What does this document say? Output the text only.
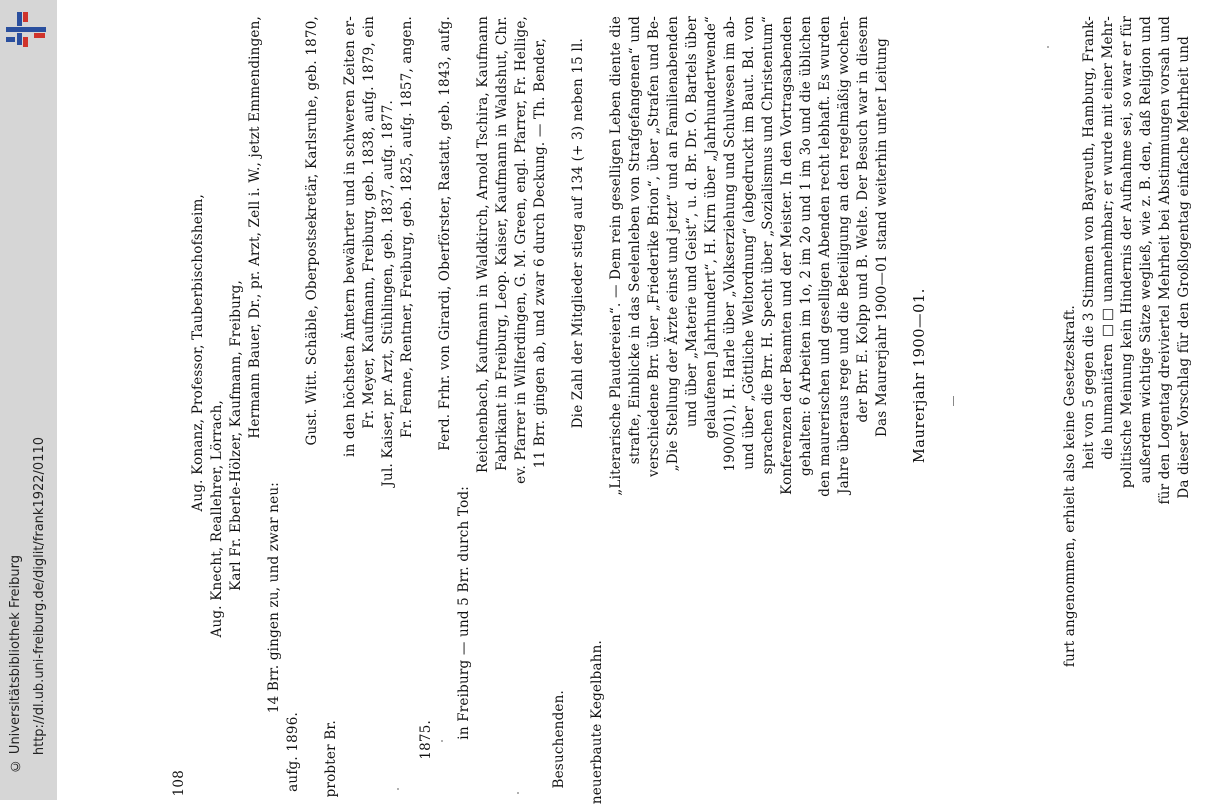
http://dl.ub.uni-freiburg.de/diglit/frank1922/0110
© Universitätsbibliothek Freiburg
Da dieser Vorschlag für den Großlogentag einfache Mehrheit und
für den Logentag dreiviertel Mehrheit bei Abstimmungen vorsah und
außerdem wichtige Sätze wegließ, wie z. B. den, daß Religion und
politische Meinung kein Hindernis der Aufnahme sei, so war er für
die humanitären □□ unannehmbar; er wurde mit einer Mehr-
heit von 5 gegen die 3 Stimmen von Bayreuth, Hamburg, Frank-
furt angenommen, erhielt also keine Gesetzeskraft.
Maurerjahr 1900—01.
Das Maurerjahr 1900—01 stand weiterhin unter Leitung
der Brr. E. Kolpp und B. Welte. Der Besuch war in diesem
Jahre überaus rege und die Beteiligung an den regelmäßig wochen-
den maurerischen und geselligen Abenden recht lebhaft. Es wurden
gehalten: 6 Arbeiten im 1o, 2 im 2o und 1 im 3o und die üblichen
Konferenzen der Beamten und der Meister. In den Vortragsabenden
sprachen die Brr. H. Specht über „Sozialismus und Christentum“
und über „Göttliche Weltordnung“ (abgedruckt im Baut. Bd. von
1900/01), H. Harle über „Volkserziehung und Schulwesen im ab-
gelaufenen Jahrhundert“, H. Kirn über „Jahrhundertwende“
und über „Materie und Geist“, u. d. Br. Dr. O. Bartels über
„Die Stellung der Ärzte einst und jetzt“ und an Familienabenden
verschiedene Brr. über „Friederike Brion“, über „Strafen und Be-
strafte, Einblicke in das Seelenleben von Strafgefangenen“ und
„Literarische Plaudereien“. — Dem rein geselligen Leben diente die
neuerbaute Kegelbahn.
Die Zahl der Mitglieder stieg auf 134 (+ 3) neben 15 ll.
Besuchenden.
11 Brr. gingen ab, und zwar 6 durch Deckung. — Th. Bender,
ev. Pfarrer in Wilferdingen, G. M. Green, engl. Pfarrer, Fr. Hellige,
Fabrikant in Freiburg, Leop. Kaiser, Kaufmann in Waldshut, Chr.
Reichenbach, Kaufmann in Waldkirch, Arnold Tschira, Kaufmann
in Freiburg — und 5 Brr. durch Tod:
Ferd. Frhr. von Girardi, Oberförster, Rastatt, geb. 1843, aufg.
1875.
Fr. Fenne, Rentner, Freiburg, geb. 1825, aufg. 1857, angen.
Jul. Kaiser, pr. Arzt, Stühlingen, geb. 1837, aufg. 1877.
Fr. Meyer, Kaufmann, Freiburg, geb. 1838, aufg. 1879, ein
in den höchsten Ämtern bewährter und in schweren Zeiten er-
probter Br.
Gust. Witt. Schäble, Oberpostsekretär, Karlsruhe, geb. 1870,
aufg. 1896.
14 Brr. gingen zu, und zwar neu:
Hermann Bauer, Dr., pr. Arzt, Zell i. W., jetzt Emmendingen,
Karl Fr. Eberle-Hölzer, Kaufmann, Freiburg,
Aug. Knecht, Reallehrer, Lörrach,
Aug. Konanz, Professor, Tauberbischofsheim,
108
